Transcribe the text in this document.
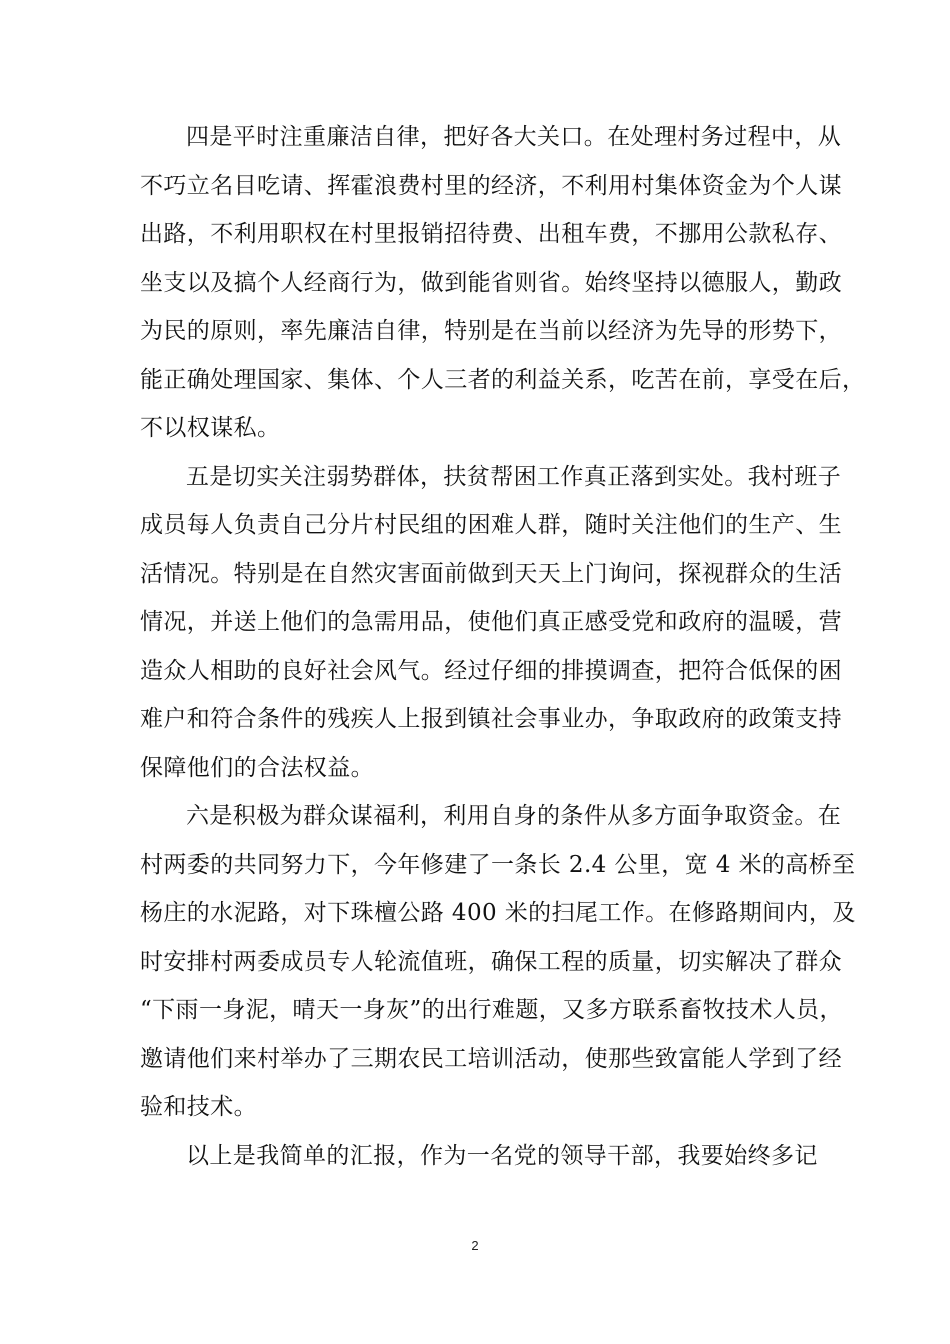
四是平时注重廉洁自律，把好各大关口。在处理村务过程中，从
不巧立名目吃请、挥霍浪费村里的经济，不利用村集体资金为个人谋
出路，不利用职权在村里报销招待费、出租车费，不挪用公款私存、
坐支以及搞个人经商行为，做到能省则省。始终坚持以德服人，勤政
为民的原则，率先廉洁自律，特别是在当前以经济为先导的形势下，
能正确处理国家、集体、个人三者的利益关系，吃苦在前，享受在后，
不以权谋私。
五是切实关注弱势群体，扶贫帮困工作真正落到实处。我村班子
成员每人负责自己分片村民组的困难人群，随时关注他们的生产、生
活情况。特别是在自然灾害面前做到天天上门询问，探视群众的生活
情况，并送上他们的急需用品，使他们真正感受党和政府的温暖，营
造众人相助的良好社会风气。经过仔细的排摸调查，把符合低保的困
难户和符合条件的残疾人上报到镇社会事业办，争取政府的政策支持
保障他们的合法权益。
六是积极为群众谋福利，利用自身的条件从多方面争取资金。在
村两委的共同努力下，今年修建了一条长 2.4 公里，宽 4 米的高桥至
杨庄的水泥路，对下珠檀公路 400 米的扫尾工作。在修路期间内，及
时安排村两委成员专人轮流值班，确保工程的质量，切实解决了群众
“下雨一身泥，晴天一身灰”的出行难题，又多方联系畜牧技术人员，
邀请他们来村举办了三期农民工培训活动，使那些致富能人学到了经
验和技术。
以上是我简单的汇报，作为一名党的领导干部，我要始终多记
2
